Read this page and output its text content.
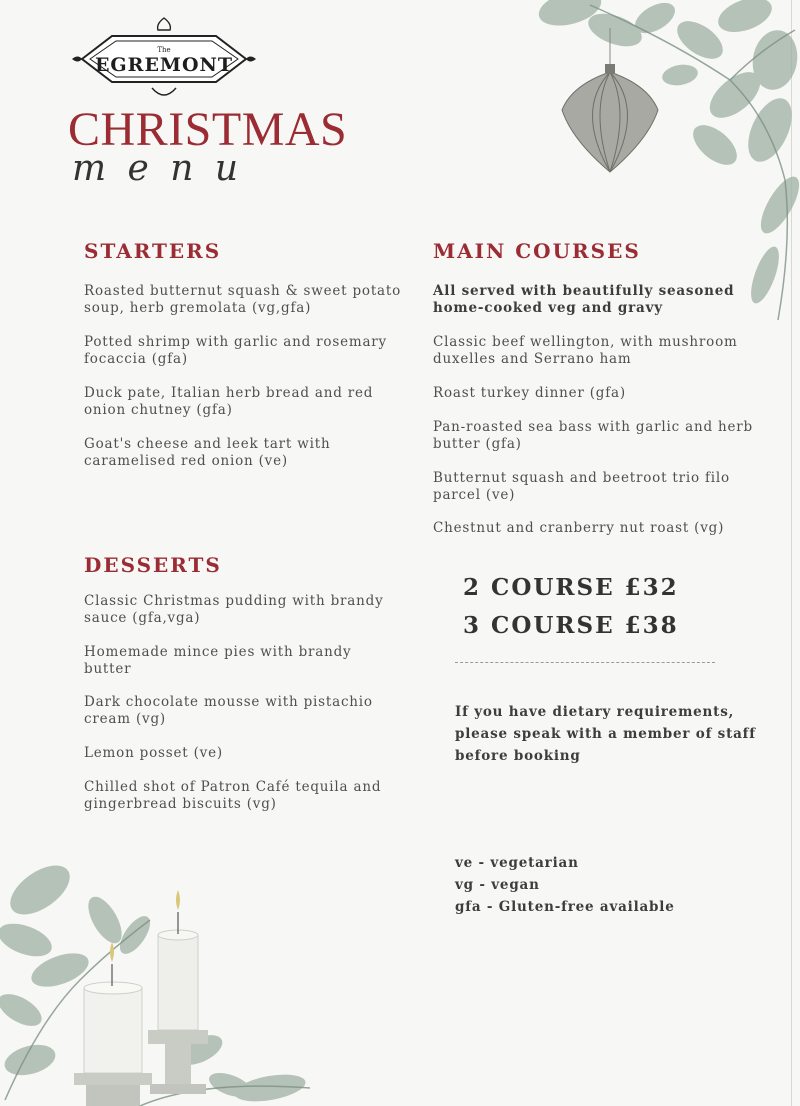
The
EGREMONT
CHRISTMAS
menu
STARTERS

Roasted butternut squash & sweet potato soup, herb gremolata (vg,gfa)

Potted shrimp with garlic and rosemary focaccia (gfa)

Duck pate, Italian herb bread and red onion chutney (gfa)

Goat's cheese and leek tart with caramelised red onion (ve)

MAIN COURSES

All served with beautifully seasoned home-cooked veg and gravy

Classic beef wellington, with mushroom duxelles and Serrano ham

Roast turkey dinner (gfa)

Pan-roasted sea bass with garlic and herb butter (gfa)

Butternut squash and beetroot trio filo parcel (ve)

Chestnut and cranberry nut roast (vg)

DESSERTS

Classic Christmas pudding with brandy sauce (gfa,vga)

Homemade mince pies with brandy butter

Dark chocolate mousse with pistachio cream (vg)

Lemon posset (ve)

Chilled shot of Patron Café tequila and gingerbread biscuits (vg)

2 COURSE £32
3 COURSE £38
If you have dietary requirements, please speak with a member of staff before booking
ve - vegetarian
vg - vegan
gfa - Gluten-free available
